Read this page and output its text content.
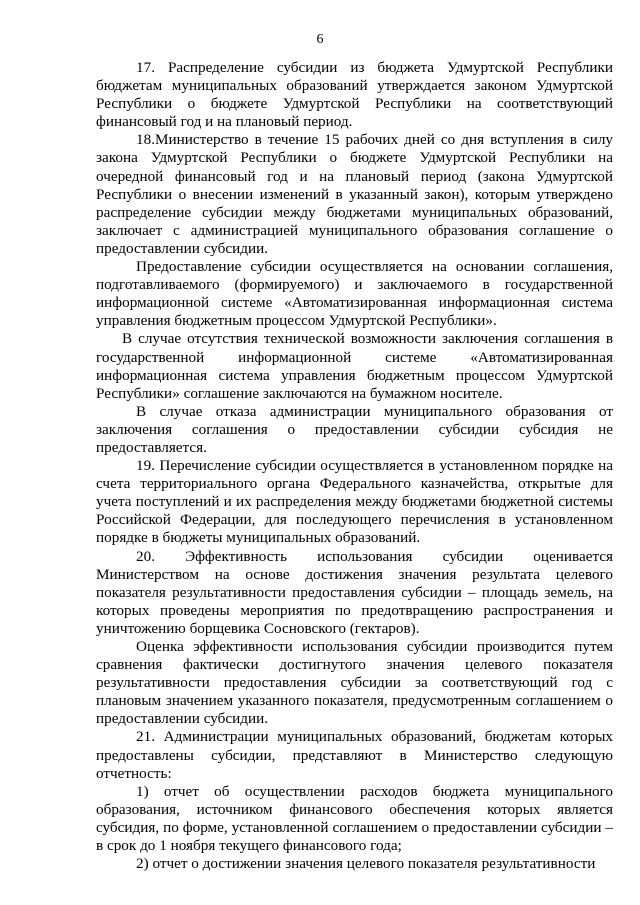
6

17. Распределение субсидии из бюджета Удмуртской Республики бюджетам муниципальных образований утверждается законом Удмуртской Республики о бюджете Удмуртской Республики на соответствующий финансовый год и на плановый период.

18.Министерство в течение 15 рабочих дней со дня вступления в силу закона Удмуртской Республики о бюджете Удмуртской Республики на очередной финансовый год и на плановый период (закона Удмуртской Республики о внесении изменений в указанный закон), которым утверждено распределение субсидии между бюджетами муниципальных образований, заключает с администрацией муниципального образования соглашение о предоставлении субсидии.

Предоставление субсидии осуществляется на основании соглашения, подготавливаемого (формируемого) и заключаемого в государственной информационной системе «Автоматизированная информационная система управления бюджетным процессом Удмуртской Республики».

В случае отсутствия технической возможности заключения соглашения в государственной информационной системе «Автоматизированная информационная система управления бюджетным процессом Удмуртской Республики» соглашение заключаются на бумажном носителе.

В случае отказа администрации муниципального образования от заключения соглашения о предоставлении субсидии субсидия не предоставляется.

19. Перечисление субсидии осуществляется в установленном порядке на счета территориального органа Федерального казначейства, открытые для учета поступлений и их распределения между бюджетами бюджетной системы Российской Федерации, для последующего перечисления в установленном порядке в бюджеты муниципальных образований.

20. Эффективность использования субсидии оценивается Министерством на основе достижения значения результата целевого показателя результативности предоставления субсидии – площадь земель, на которых проведены мероприятия по предотвращению распространения и уничтожению борщевика Сосновского (гектаров).

Оценка эффективности использования субсидии производится путем сравнения фактически достигнутого значения целевого показателя результативности предоставления субсидии за соответствующий год с плановым значением указанного показателя, предусмотренным соглашением о предоставлении субсидии.

21. Администрации муниципальных образований, бюджетам которых предоставлены субсидии, представляют в Министерство следующую отчетность:

1) отчет об осуществлении расходов бюджета муниципального образования, источником финансового обеспечения которых является субсидия, по форме, установленной соглашением о предоставлении субсидии – в срок до 1 ноября текущего финансового года;

2) отчет о достижении значения целевого показателя результативности
